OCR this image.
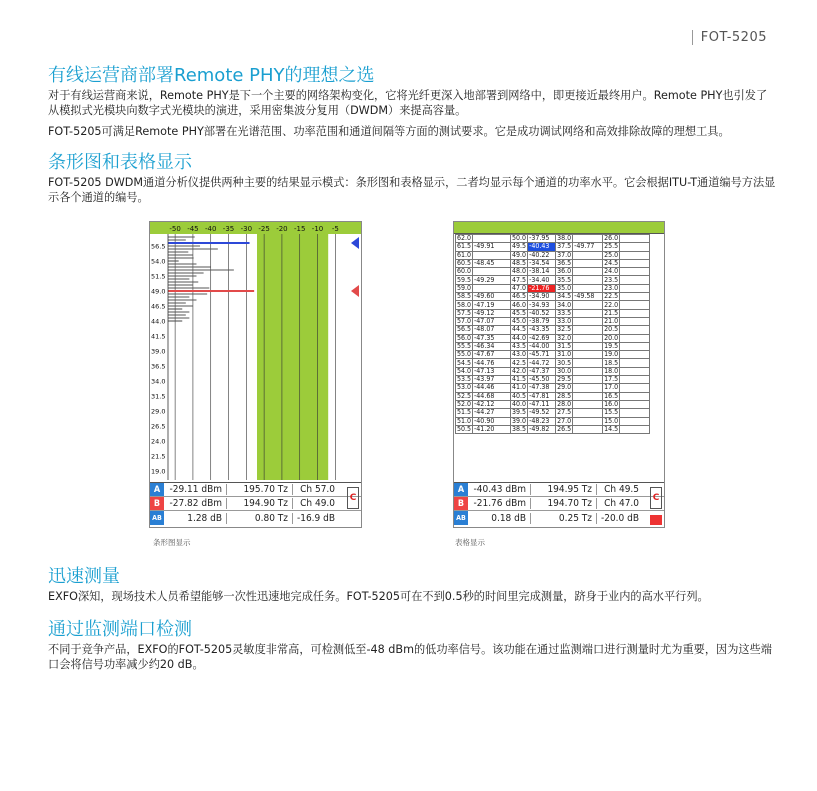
FOT-5205
有线运营商部署Remote PHY的理想之选

对于有线运营商来说，Remote PHY是下一个主要的网络架构变化，它将光纤更深入地部署到网络中，即更接近最终用户。Remote PHY也引发了从模拟式光模块向数字式光模块的演进，采用密集波分复用（DWDM）来提高容量。

FOT-5205可满足Remote PHY部署在光谱范围、功率范围和通道间隔等方面的测试要求。它是成功调试网络和高效排除故障的理想工具。

条形图和表格显示

FOT-5205 DWDM通道分析仪提供两种主要的结果显示模式：条形图和表格显示，二者均显示每个通道的功率水平。它会根据ITU-T通道编号方法显示各个通道的编号。

-50 -45 -40 -35 -30 -25 -20 -15 -10 -5
56.5
54.0
51.5
49.0
46.5
44.0
41.5
39.0
36.5
34.0
31.5
29.0
26.5
24.0
21.5
19.0
A -29.11 dBm	195.70 Tz	Ch 57.0
B -27.82 dBm	194.90 Tz	Ch 49.0
AB	1.28 dB	0.80 Tz -16.9 dB
C
条形图显示
62.0		50.0	-37.95	38.0		26.0	
61.5	-49.91	49.5	-40.43	37.5	-49.77	25.5	
61.0		49.0	-40.22	37.0		25.0	
60.5	-48.45	48.5	-34.54	36.5		24.5	
60.0		48.0	-38.14	36.0		24.0	
59.5	-49.29	47.5	-34.40	35.5		23.5	
59.0		47.0	-21.76	35.0		23.0	
58.5	-49.60	46.5	-34.90	34.5	-49.58	22.5	
58.0	-47.19	46.0	-34.93	34.0		22.0	
57.5	-49.12	45.5	-40.52	33.5		21.5	
57.0	-47.07	45.0	-38.79	33.0		21.0	
56.5	-48.07	44.5	-43.35	32.5		20.5	
56.0	-47.35	44.0	-42.69	32.0		20.0	
55.5	-46.34	43.5	-44.00	31.5		19.5	
55.0	-47.67	43.0	-45.71	31.0		19.0	
54.5	-44.76	42.5	-44.72	30.5		18.5	
54.0	-47.13	42.0	-47.37	30.0		18.0	
53.5	-43.97	41.5	-45.50	29.5		17.5	
53.0	-44.46	41.0	-47.38	29.0		17.0	
52.5	-44.68	40.5	-47.81	28.5		16.5	
52.0	-42.12	40.0	-47.11	28.0		16.0	
51.5	-44.27	39.5	-49.52	27.5		15.5	
51.0	-40.90	39.0	-48.23	27.0		15.0	
50.5	-41.20	38.5	-49.82	26.5		14.5	
A -40.43 dBm	194.95 Tz	Ch 49.5
B -21.76 dBm	194.70 Tz	Ch 47.0
AB	0.18 dB	0.25 Tz -20.0 dB
C
表格显示
迅速测量

EXFO深知，现场技术人员希望能够一次性迅速地完成任务。FOT-5205可在不到0.5秒的时间里完成测量，跻身于业内的高水平行列。

通过监测端口检测

不同于竞争产品，EXFO的FOT-5205灵敏度非常高，可检测低至-48 dBm的低功率信号。该功能在通过监测端口进行测量时尤为重要，因为这些端口会将信号功率减少约20 dB。
